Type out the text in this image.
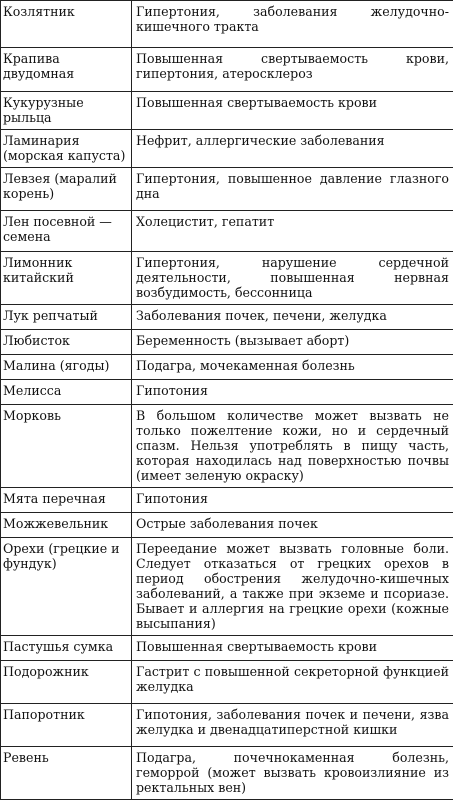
Козлятник	Гипертония, заболевания желудочно-кишечного тракта
Крапива двудомная	Повышенная свертываемость крови, гипертония, атеросклероз
Кукурузные рыльца	Повышенная свертываемость крови
Ламинария (морская капуста)	Нефрит, аллергические заболевания
Левзея (маралий корень)	Гипертония, повышенное давление глазного дна
Лен посевной — семена	Холецистит, гепатит
Лимонник китайский	Гипертония, нарушение сердечной деятельности, повышенная нервная возбудимость, бессонница
Лук репчатый	Заболевания почек, печени, желудка
Любисток	Беременность (вызывает аборт)
Малина (ягоды)	Подагра, мочекаменная болезнь
Мелисса	Гипотония
Морковь	В большом количестве может вызвать не только пожелтение кожи, но и сердечный спазм. Нельзя употреблять в пищу часть, которая находилась над поверхностью почвы (имеет зеленую окраску)
Мята перечная	Гипотония
Можжевельник	Острые заболевания почек
Орехи (грецкие и фундук)	Переедание может вызвать головные боли. Следует отказаться от грецких орехов в период обострения желудочно-кишечных заболеваний, а также при экземе и псориазе. Бывает и аллергия на грецкие орехи (кожные высыпания)
Пастушья сумка	Повышенная свертываемость крови
Подорожник	Гастрит с повышенной секреторной функцией желудка
Папоротник	Гипотония, заболевания почек и печени, язва желудка и двенадцатиперстной кишки
Ревень	Подагра, почечнокаменная болезнь, геморрой (может вызвать кровоизлияние из ректальных вен)
